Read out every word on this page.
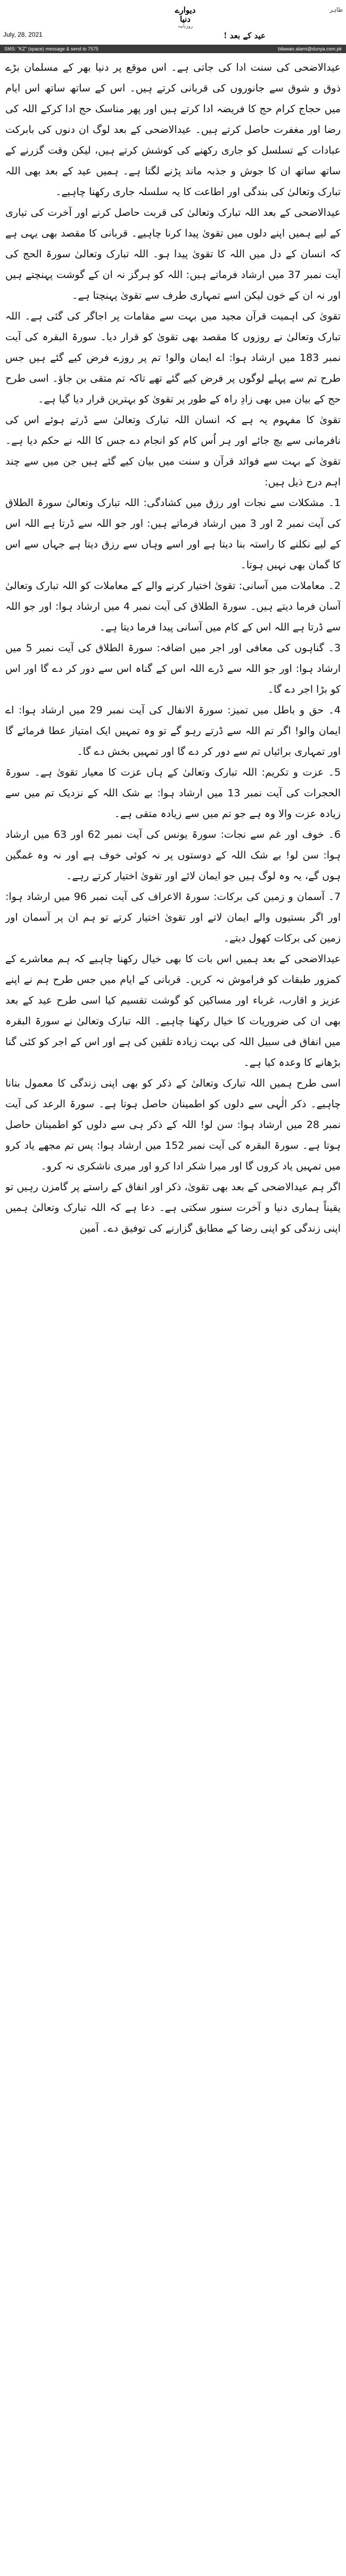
طاہر
دیوارے
دنیا
روزنامہ
عید کے بعد !
July, 28, 2021
SMS: "KZ" (space) message & send to 7575	bilawan.alami@dunya.com.pk

عیدالاضحی کی سنت ادا کی جاتی ہے۔ اس موقع پر دنیا بھر کے مسلمان بڑے ذوق و شوق سے جانوروں کی قربانی کرتے ہیں۔ اس کے ساتھ ساتھ اس ایام میں حجاج کرام حج کا فریضہ ادا کرتے ہیں اور پھر مناسک حج ادا کرکے اللہ کی رضا اور مغفرت حاصل کرتے ہیں۔ عیدالاضحی کے بعد لوگ ان دنوں کی بابرکت عبادات کے تسلسل کو جاری رکھنے کی کوشش کرتے ہیں، لیکن وقت گزرنے کے ساتھ ساتھ ان کا جوش و جذبہ ماند پڑنے لگتا ہے۔ ہمیں عید کے بعد بھی اللہ تبارک وتعالیٰ کی بندگی اور اطاعت کا یہ سلسلہ جاری رکھنا چاہیے۔

عیدالاضحی کے بعد اللہ تبارک وتعالیٰ کی قربت حاصل کرنے اور آخرت کی تیاری کے لیے ہمیں اپنے دلوں میں تقویٰ پیدا کرنا چاہیے۔ قربانی کا مقصد بھی یہی ہے کہ انسان کے دل میں اللہ کا تقویٰ پیدا ہو۔ اللہ تبارک وتعالیٰ سورۃ الحج کی آیت نمبر 37 میں ارشاد فرماتے ہیں: اللہ کو ہرگز نہ ان کے گوشت پہنچتے ہیں اور نہ ان کے خون لیکن اسے تمہاری طرف سے تقویٰ پہنچتا ہے۔

تقویٰ کی اہمیت قرآن مجید میں بہت سے مقامات پر اجاگر کی گئی ہے۔ اللہ تبارک وتعالیٰ نے روزوں کا مقصد بھی تقویٰ کو قرار دیا۔ سورۃ البقرہ کی آیت نمبر 183 میں ارشاد ہوا: اے ایمان والو! تم پر روزے فرض کیے گئے ہیں جس طرح تم سے پہلے لوگوں پر فرض کیے گئے تھے تاکہ تم متقی بن جاؤ۔ اسی طرح حج کے بیان میں بھی زادِ راہ کے طور پر تقویٰ کو بہترین قرار دیا گیا ہے۔

تقویٰ کا مفہوم یہ ہے کہ انسان اللہ تبارک وتعالیٰ سے ڈرتے ہوئے اس کی نافرمانی سے بچ جائے اور ہر اُس کام کو انجام دے جس کا اللہ نے حکم دیا ہے۔ تقویٰ کے بہت سے فوائد قرآن و سنت میں بیان کیے گئے ہیں جن میں سے چند اہم درج ذیل ہیں:

1۔ مشکلات سے نجات اور رزق میں کشادگی: اللہ تبارک وتعالیٰ سورۃ الطلاق کی آیت نمبر 2 اور 3 میں ارشاد فرماتے ہیں: اور جو اللہ سے ڈرتا ہے اللہ اس کے لیے نکلنے کا راستہ بنا دیتا ہے اور اسے وہاں سے رزق دیتا ہے جہاں سے اس کا گمان بھی نہیں ہوتا۔

2۔ معاملات میں آسانی: تقویٰ اختیار کرنے والے کے معاملات کو اللہ تبارک وتعالیٰ آسان فرما دیتے ہیں۔ سورۃ الطلاق کی آیت نمبر 4 میں ارشاد ہوا: اور جو اللہ سے ڈرتا ہے اللہ اس کے کام میں آسانی پیدا فرما دیتا ہے۔

3۔ گناہوں کی معافی اور اجر میں اضافہ: سورۃ الطلاق کی آیت نمبر 5 میں ارشاد ہوا: اور جو اللہ سے ڈرے اللہ اس کے گناہ اس سے دور کر دے گا اور اس کو بڑا اجر دے گا۔

4۔ حق و باطل میں تمیز: سورۃ الانفال کی آیت نمبر 29 میں ارشاد ہوا: اے ایمان والو! اگر تم اللہ سے ڈرتے رہو گے تو وہ تمہیں ایک امتیاز عطا فرمائے گا اور تمہاری برائیاں تم سے دور کر دے گا اور تمہیں بخش دے گا۔

5۔ عزت و تکریم: اللہ تبارک وتعالیٰ کے ہاں عزت کا معیار تقویٰ ہے۔ سورۃ الحجرات کی آیت نمبر 13 میں ارشاد ہوا: بے شک اللہ کے نزدیک تم میں سے زیادہ عزت والا وہ ہے جو تم میں سے زیادہ متقی ہے۔

6۔ خوف اور غم سے نجات: سورۃ یونس کی آیت نمبر 62 اور 63 میں ارشاد ہوا: سن لو! بے شک اللہ کے دوستوں پر نہ کوئی خوف ہے اور نہ وہ غمگین ہوں گے، یہ وہ لوگ ہیں جو ایمان لائے اور تقویٰ اختیار کرتے رہے۔

7۔ آسمان و زمین کی برکات: سورۃ الاعراف کی آیت نمبر 96 میں ارشاد ہوا: اور اگر بستیوں والے ایمان لاتے اور تقویٰ اختیار کرتے تو ہم ان پر آسمان اور زمین کی برکات کھول دیتے۔

عیدالاضحی کے بعد ہمیں اس بات کا بھی خیال رکھنا چاہیے کہ ہم معاشرے کے کمزور طبقات کو فراموش نہ کریں۔ قربانی کے ایام میں جس طرح ہم نے اپنے عزیز و اقارب، غرباء اور مساکین کو گوشت تقسیم کیا اسی طرح عید کے بعد بھی ان کی ضروریات کا خیال رکھنا چاہیے۔ اللہ تبارک وتعالیٰ نے سورۃ البقرہ میں انفاق فی سبیل اللہ کی بہت زیادہ تلقین کی ہے اور اس کے اجر کو کئی گنا بڑھانے کا وعدہ کیا ہے۔

اسی طرح ہمیں اللہ تبارک وتعالیٰ کے ذکر کو بھی اپنی زندگی کا معمول بنانا چاہیے۔ ذکر الٰہی سے دلوں کو اطمینان حاصل ہوتا ہے۔ سورۃ الرعد کی آیت نمبر 28 میں ارشاد ہوا: سن لو! اللہ کے ذکر ہی سے دلوں کو اطمینان حاصل ہوتا ہے۔ سورۃ البقرہ کی آیت نمبر 152 میں ارشاد ہوا: پس تم مجھے یاد کرو میں تمہیں یاد کروں گا اور میرا شکر ادا کرو اور میری ناشکری نہ کرو۔

اگر ہم عیدالاضحی کے بعد بھی تقویٰ، ذکر اور انفاق کے راستے پر گامزن رہیں تو یقیناً ہماری دنیا و آخرت سنور سکتی ہے۔ دعا ہے کہ اللہ تبارک وتعالیٰ ہمیں اپنی زندگی کو اپنی رضا کے مطابق گزارنے کی توفیق دے۔ آمین
